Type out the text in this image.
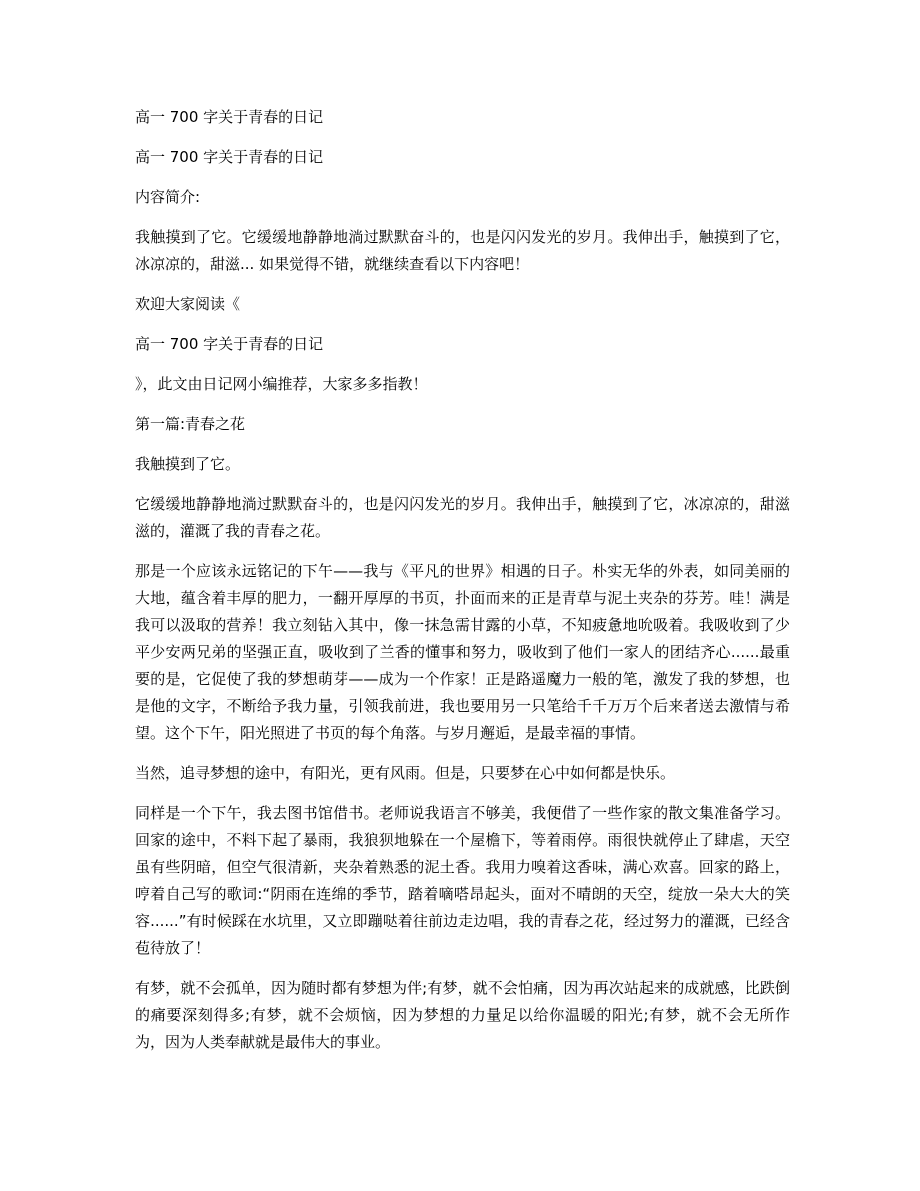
高一 700 字关于青春的日记

高一 700 字关于青春的日记

内容简介:

我触摸到了它。它缓缓地静静地淌过默默奋斗的，也是闪闪发光的岁月。我伸出手，触摸到了它，冰凉凉的，甜滋... 如果觉得不错，就继续查看以下内容吧！

欢迎大家阅读《

高一 700 字关于青春的日记

》，此文由日记网小编推荐，大家多多指教！

第一篇:青春之花

我触摸到了它。

它缓缓地静静地淌过默默奋斗的，也是闪闪发光的岁月。我伸出手，触摸到了它，冰凉凉的，甜滋滋的，灌溉了我的青春之花。

那是一个应该永远铭记的下午——我与《平凡的世界》相遇的日子。朴实无华的外表，如同美丽的大地，蕴含着丰厚的肥力，一翻开厚厚的书页，扑面而来的正是青草与泥土夹杂的芬芳。哇！满是我可以汲取的营养！我立刻钻入其中，像一抹急需甘露的小草，不知疲惫地吮吸着。我吸收到了少平少安两兄弟的坚强正直，吸收到了兰香的懂事和努力，吸收到了他们一家人的团结齐心......最重要的是，它促使了我的梦想萌芽——成为一个作家！正是路遥魔力一般的笔，激发了我的梦想，也是他的文字，不断给予我力量，引领我前进，我也要用另一只笔给千千万万个后来者送去激情与希望。这个下午，阳光照进了书页的每个角落。与岁月邂逅，是最幸福的事情。

当然，追寻梦想的途中，有阳光，更有风雨。但是，只要梦在心中如何都是快乐。

同样是一个下午，我去图书馆借书。老师说我语言不够美，我便借了一些作家的散文集准备学习。回家的途中，不料下起了暴雨，我狼狈地躲在一个屋檐下，等着雨停。雨很快就停止了肆虐，天空虽有些阴暗，但空气很清新，夹杂着熟悉的泥土香。我用力嗅着这香味，满心欢喜。回家的路上，哼着自己写的歌词:“阴雨在连绵的季节，踏着嘀嗒昂起头，面对不晴朗的天空，绽放一朵大大的笑容......”有时候踩在水坑里，又立即蹦哒着往前边走边唱，我的青春之花，经过努力的灌溉，已经含苞待放了！

有梦，就不会孤单，因为随时都有梦想为伴;有梦，就不会怕痛，因为再次站起来的成就感，比跌倒的痛要深刻得多;有梦，就不会烦恼，因为梦想的力量足以给你温暖的阳光;有梦，就不会无所作为，因为人类奉献就是最伟大的事业。
